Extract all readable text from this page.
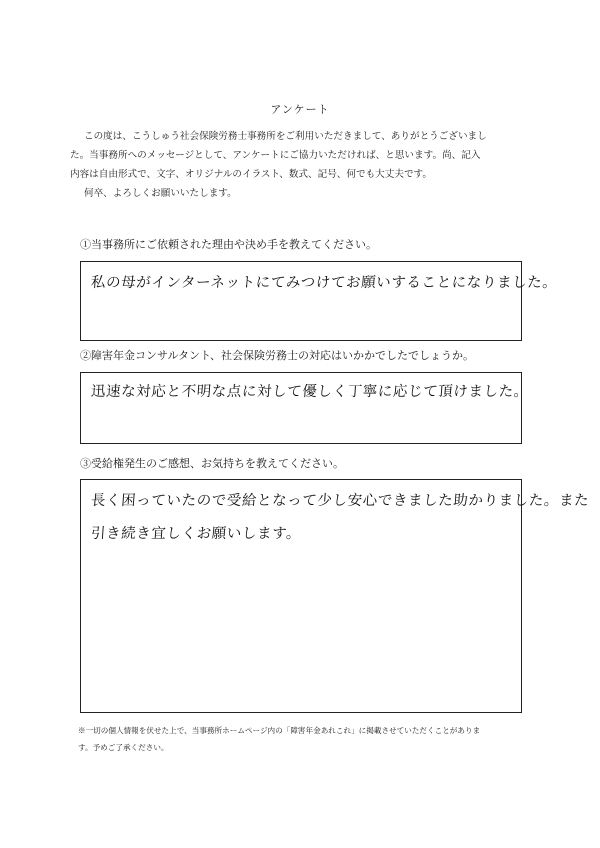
アンケート

この度は、こうしゅう社会保険労務士事務所をご利用いただきまして、ありがとうございまし

た。当事務所へのメッセージとして、アンケートにご協力いただければ、と思います。尚、記入

内容は自由形式で、文字、オリジナルのイラスト、数式、記号、何でも大丈夫です。

何卒、よろしくお願いいたします。

①当事務所にご依頼された理由や決め手を教えてください。
私の母がインターネットにてみつけてお願いすることになりました。
②障害年金コンサルタント、社会保険労務士の対応はいかかでしたでしょうか。
迅速な対応と不明な点に対して優しく丁寧に応じて頂けました。
③受給権発生のご感想、お気持ちを教えてください。
長く困っていたので受給となって少し安心できました助かりました。また
引き続き宜しくお願いします。

※一切の個人情報を伏せた上で、当事務所ホームページ内の「障害年金あれこれ」に掲載させていただくことがありま

す。予めご了承ください。
